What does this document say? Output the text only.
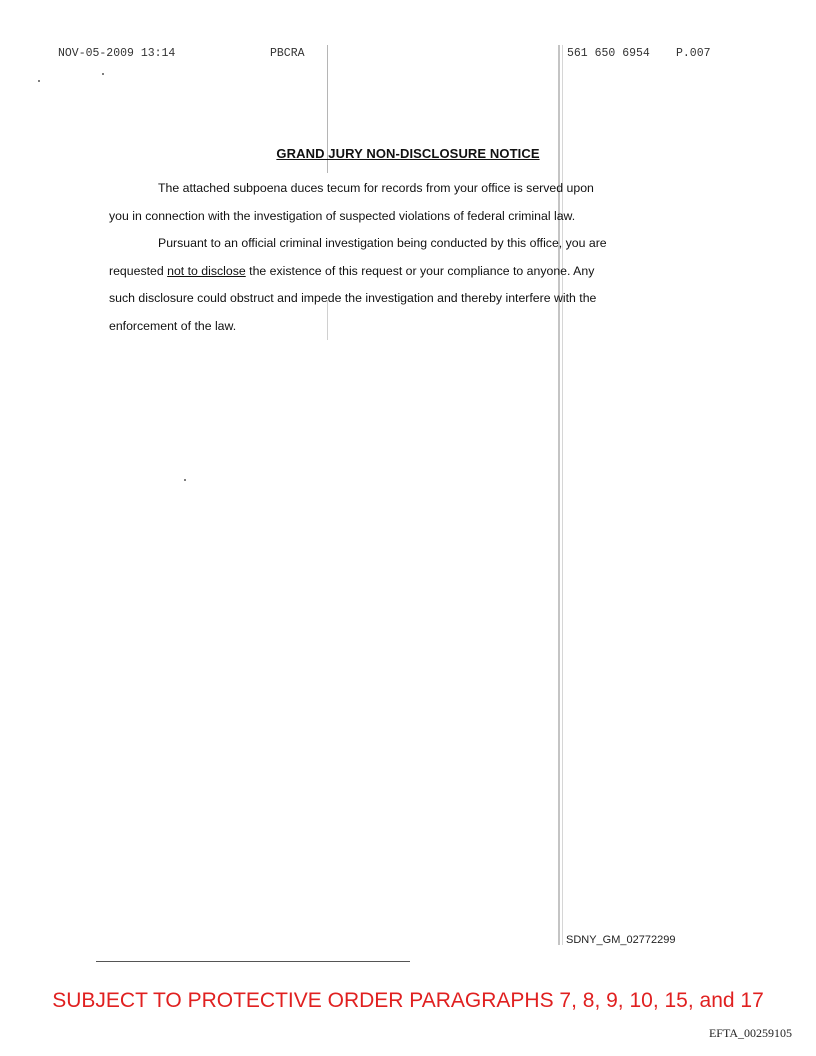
NOV-05-2009 13:14	PBCRA	561 650 6954 P.007
GRAND JURY NON-DISCLOSURE NOTICE
The attached subpoena duces tecum for records from your office is served upon
you in connection with the investigation of suspected violations of federal criminal law.
Pursuant to an official criminal investigation being conducted by this office, you are
requested not to disclose the existence of this request or your compliance to anyone. Any
such disclosure could obstruct and impede the investigation and thereby interfere with the
enforcement of the law.
SDNY_GM_02772299
SUBJECT TO PROTECTIVE ORDER PARAGRAPHS 7, 8, 9, 10, 15, and 17
EFTA_00259105
